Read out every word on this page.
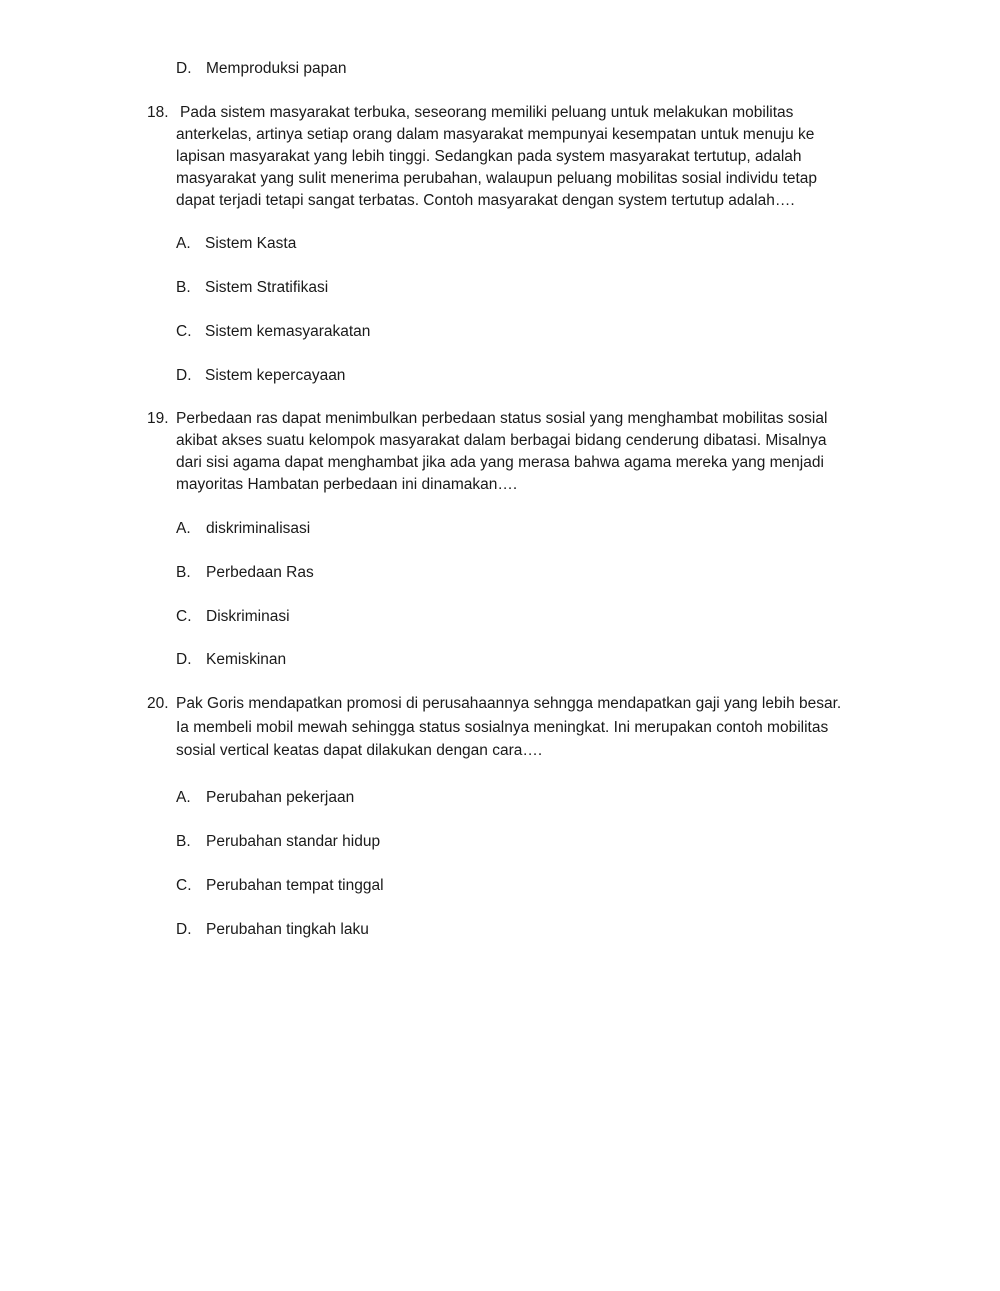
D. Memproduksi papan
18. Pada sistem masyarakat terbuka, seseorang memiliki peluang untuk melakukan mobilitas
anterkelas, artinya setiap orang dalam masyarakat mempunyai kesempatan untuk menuju ke
lapisan masyarakat yang lebih tinggi. Sedangkan pada system masyarakat tertutup, adalah
masyarakat yang sulit menerima perubahan, walaupun peluang mobilitas sosial individu tetap
dapat terjadi tetapi sangat terbatas. Contoh masyarakat dengan system tertutup adalah….
A. Sistem Kasta
B. Sistem Stratifikasi
C. Sistem kemasyarakatan
D. Sistem kepercayaan
19. Perbedaan ras dapat menimbulkan perbedaan status sosial yang menghambat mobilitas sosial
akibat akses suatu kelompok masyarakat dalam berbagai bidang cenderung dibatasi. Misalnya
dari sisi agama dapat menghambat jika ada yang merasa bahwa agama mereka yang menjadi
mayoritas Hambatan perbedaan ini dinamakan….
A. diskriminalisasi
B. Perbedaan Ras
C. Diskriminasi
D. Kemiskinan
20. Pak Goris mendapatkan promosi di perusahaannya sehngga mendapatkan gaji yang lebih besar.
Ia membeli mobil mewah sehingga status sosialnya meningkat. Ini merupakan contoh mobilitas
sosial vertical keatas dapat dilakukan dengan cara….
A. Perubahan pekerjaan
B. Perubahan standar hidup
C. Perubahan tempat tinggal
D. Perubahan tingkah laku
